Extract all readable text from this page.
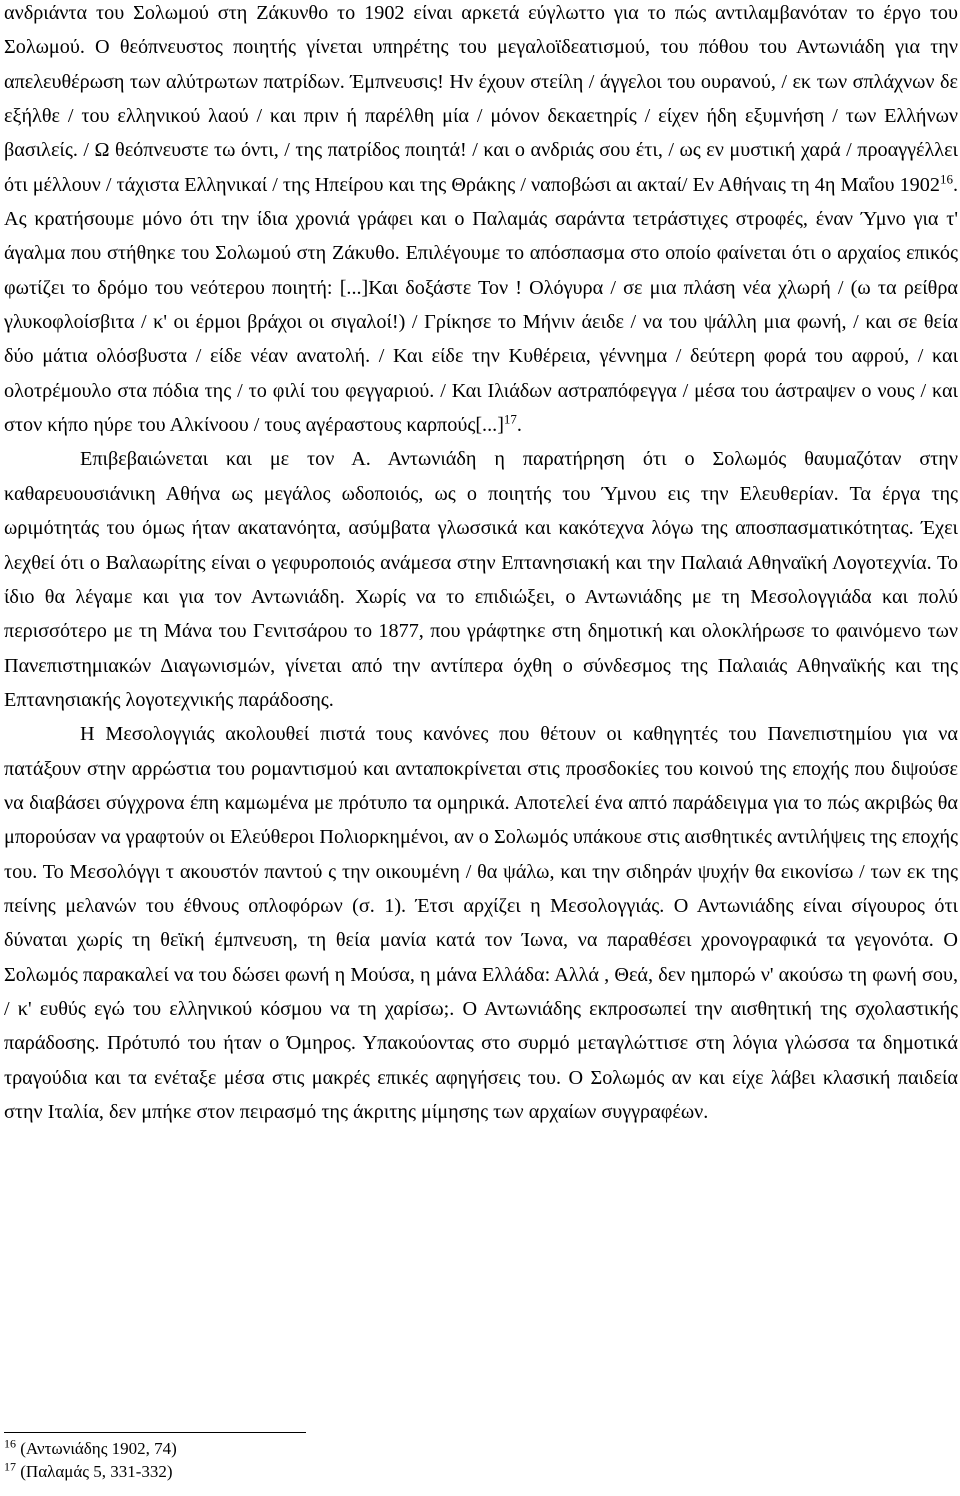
ανδριάντα του Σολωμού στη Ζάκυνθο το 1902 είναι αρκετά εύγλωττο για το πώς αντιλαμβανόταν το έργο του Σολωμού. Ο θεόπνευστος ποιητής γίνεται υπηρέτης του μεγαλοϊδεατισμού, του πόθου του Αντωνιάδη για την απελευθέρωση των αλύτρωτων πατρίδων. Έμπνευσις! Ην έχουν στείλη / άγγελοι του ουρανού, / εκ των σπλάχνων δε εξήλθε / του ελληνικού λαού / και πριν ή παρέλθη μία / μόνον δεκαετηρίς / είχεν ήδη εξυμνήση / των Ελλήνων βασιλείς. / Ω θεόπνευστε τω όντι, / της πατρίδος ποιητά! / και ο ανδριάς σου έτι, / ως εν μυστική χαρά / προαγγέλλει ότι μέλλουν / τάχιστα Ελληνικαί / της Ηπείρου και της Θράκης / ναποβώσι αι ακταί/ Εν Αθήναις τη 4η Μαΐου 1902$^{16}$. Ας κρατήσουμε μόνο ότι την ίδια χρονιά γράφει και ο Παλαμάς σαράντα τετράστιχες στροφές, έναν Ύμνο για τ' άγαλμα που στήθηκε του Σολωμού στη Ζάκυθο. Επιλέγουμε το απόσπασμα στο οποίο φαίνεται ότι ο αρχαίος επικός φωτίζει το δρόμο του νεότερου ποιητή: [...]Και δοξάστε Τον ! Ολόγυρα / σε μια πλάση νέα χλωρή / (ω τα ρείθρα γλυκοφλοίσβιτα / κ' οι έρμοι βράχοι οι σιγαλοί!) / Γρίκησε το Μήνιν άειδε / να του ψάλλη μια φωνή, / και σε θεία δύο μάτια ολόσβυστα / είδε νέαν ανατολή. / Και είδε την Κυθέρεια, γέννημα / δεύτερη φορά του αφρού, / και ολοτρέμουλο στα πόδια της / το φιλί του φεγγαριού. / Και Ιλιάδων αστραπόφεγγα / μέσα του άστραψεν ο νους / και στον κήπο ηύρε του Αλκίνοου / τους αγέραστους καρπούς[...]$^{17}$.

Επιβεβαιώνεται και με τον Α. Αντωνιάδη η παρατήρηση ότι ο Σολωμός θαυμαζόταν στην καθαρευουσιάνικη Αθήνα ως μεγάλος ωδοποιός, ως ο ποιητής του Ύμνου εις την Ελευθερίαν. Τα έργα της ωριμότητάς του όμως ήταν ακατανόητα, ασύμβατα γλωσσικά και κακότεχνα λόγω της αποσπασματικότητας. Έχει λεχθεί ότι ο Βαλαωρίτης είναι ο γεφυροποιός ανάμεσα στην Επτανησιακή και την Παλαιά Αθηναϊκή Λογοτεχνία. Το ίδιο θα λέγαμε και για τον Αντωνιάδη. Χωρίς να το επιδιώξει, ο Αντωνιάδης με τη Μεσολογγιάδα και πολύ περισσότερο με τη Μάνα του Γενιτσάρου το 1877, που γράφτηκε στη δημοτική και ολοκλήρωσε το φαινόμενο των Πανεπιστημιακών Διαγωνισμών, γίνεται από την αντίπερα όχθη ο σύνδεσμος της Παλαιάς Αθηναϊκής και της Επτανησιακής λογοτεχνικής παράδοσης.

Η Μεσολογγιάς ακολουθεί πιστά τους κανόνες που θέτουν οι καθηγητές του Πανεπιστημίου για να πατάξουν στην αρρώστια του ρομαντισμού και ανταποκρίνεται στις προσδοκίες του κοινού της εποχής που διψούσε να διαβάσει σύγχρονα έπη καμωμένα με πρότυπο τα ομηρικά. Αποτελεί ένα απτό παράδειγμα για το πώς ακριβώς θα μπορούσαν να γραφτούν οι Ελεύθεροι Πολιορκημένοι, αν ο Σολωμός υπάκουε στις αισθητικές αντιλήψεις της εποχής του. Το Μεσολόγγι τ ακουστόν παντού ς την οικουμένη / θα ψάλω, και την σιδηράν ψυχήν θα εικονίσω / των εκ της πείνης μελανών του έθνους οπλοφόρων (σ. 1). Έτσι αρχίζει η Μεσολογγιάς. Ο Αντωνιάδης είναι σίγουρος ότι δύναται χωρίς τη θεϊκή έμπνευση, τη θεία μανία κατά τον Ίωνα, να παραθέσει χρονογραφικά τα γεγονότα. Ο Σολωμός παρακαλεί να του δώσει φωνή η Μούσα, η μάνα Ελλάδα: Αλλά , Θεά, δεν ημπορώ ν' ακούσω τη φωνή σου, / κ' ευθύς εγώ του ελληνικού κόσμου να τη χαρίσω;. Ο Αντωνιάδης εκπροσωπεί την αισθητική της σχολαστικής παράδοσης. Πρότυπό του ήταν ο Όμηρος. Υπακούοντας στο συρμό μεταγλώττισε στη λόγια γλώσσα τα δημοτικά τραγούδια και τα ενέταξε μέσα στις μακρές επικές αφηγήσεις του. Ο Σολωμός αν και είχε λάβει κλασική παιδεία στην Ιταλία, δεν μπήκε στον πειρασμό της άκριτης μίμησης των αρχαίων συγγραφέων.

$^{16}$ (Αντωνιάδης 1902, 74)
$^{17}$ (Παλαμάς 5, 331-332)
